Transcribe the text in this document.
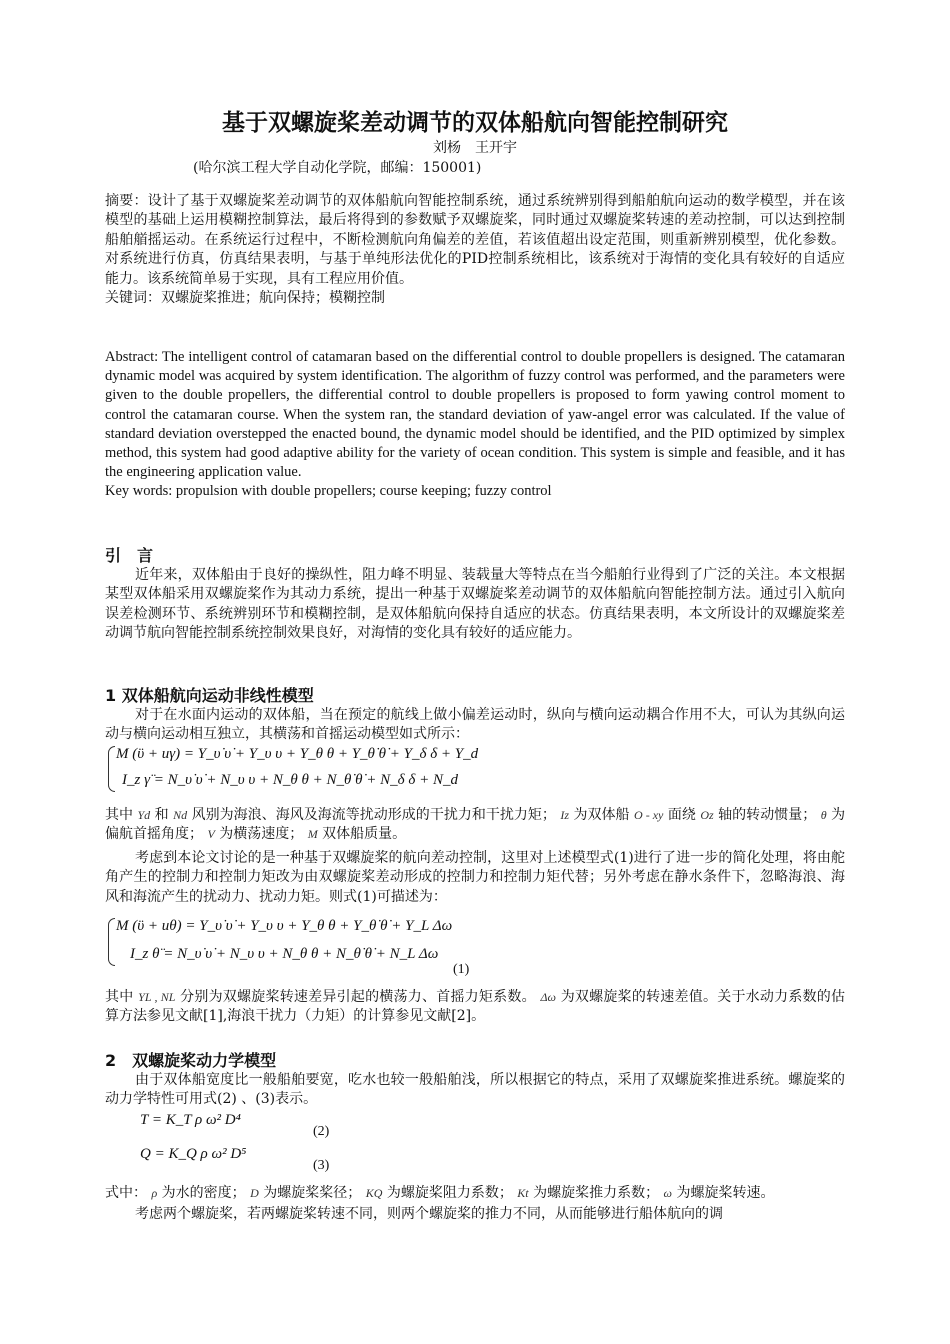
基于双螺旋桨差动调节的双体船航向智能控制研究
刘杨　王开宇
(哈尔滨工程大学自动化学院，邮编：150001)

摘要：设计了基于双螺旋桨差动调节的双体船航向智能控制系统，通过系统辨别得到船舶航向运动的数学模型，并在该模型的基础上运用模糊控制算法，最后将得到的参数赋予双螺旋桨，同时通过双螺旋桨转速的差动控制，可以达到控制船舶艏摇运动。在系统运行过程中，不断检测航向角偏差的差值，若该值超出设定范围，则重新辨别模型，优化参数。对系统进行仿真，仿真结果表明，与基于单纯形法优化的PID控制系统相比，该系统对于海情的变化具有较好的自适应能力。该系统简单易于实现，具有工程应用价值。

关键词：双螺旋桨推进；航向保持；模糊控制

Abstract: The intelligent control of catamaran based on the differential control to double propellers is designed. The catamaran dynamic model was acquired by system identification. The algorithm of fuzzy control was performed, and the parameters were given to the double propellers, the differential control to double propellers is proposed to form yawing control moment to control the catamaran course. When the system ran, the standard deviation of yaw-angel error was calculated. If the value of standard deviation overstepped the enacted bound, the dynamic model should be identified, and the PID optimized by simplex method, this system had good adaptive ability for the variety of ocean condition. This system is simple and feasible, and it has the engineering application value.

Key words: propulsion with double propellers; course keeping; fuzzy control

引　言

近年来，双体船由于良好的操纵性，阻力峰不明显、装载量大等特点在当今船舶行业得到了广泛的关注。本文根据某型双体船采用双螺旋桨作为其动力系统，提出一种基于双螺旋桨差动调节的双体船航向智能控制方法。通过引入航向误差检测环节、系统辨别环节和模糊控制，是双体船航向保持自适应的状态。仿真结果表明，本文所设计的双螺旋桨差动调节航向智能控制系统控制效果良好，对海情的变化具有较好的适应能力。

1 双体船航向运动非线性模型

对于在水面内运动的双体船，当在预定的航线上做小偏差运动时，纵向与横向运动耦合作用不大，可认为其纵向运动与横向运动相互独立，其横荡和首摇运动模型如式所示：

M (ϋ + uγ) = Y_υ̇ υ̇ + Y_υ υ + Y_θ θ + Y_θ̇ θ̇ + Y_δ δ + Y_d
I_z γ̈ = N_υ̇ υ̇ + N_υ υ + N_θ θ + N_θ̇ θ̇ + N_δ δ + N_d

其中 Yd 和 Nd 风别为海浪、海风及海流等扰动形成的干扰力和干扰力矩； Iz 为双体船 O - xy 面绕 Oz 轴的转动惯量； θ 为偏航首摇角度； V 为横荡速度； M 双体船质量。

考虑到本论文讨论的是一种基于双螺旋桨的航向差动控制，这里对上述模型式(1)进行了进一步的简化处理，将由舵角产生的控制力和控制力矩改为由双螺旋桨差动形成的控制力和控制力矩代替；另外考虑在静水条件下，忽略海浪、海风和海流产生的扰动力、扰动力矩。则式(1)可描述为：

M (ϋ + uθ) = Y_υ̇ υ̇ + Y_υ υ + Y_θ θ + Y_θ̇ θ̇ + Y_L Δω
I_z θ̈ = N_υ̇ υ̇ + N_υ υ + N_θ θ + N_θ̇ θ̇ + N_L Δω
(1)

其中 YL , NL 分别为双螺旋桨转速差异引起的横荡力、首摇力矩系数。 Δω 为双螺旋桨的转速差值。关于水动力系数的估算方法参见文献[1],海浪干扰力（力矩）的计算参见文献[2]。

2　双螺旋桨动力学模型

由于双体船宽度比一般船舶要宽，吃水也较一般船舶浅，所以根据它的特点，采用了双螺旋桨推进系统。螺旋桨的动力学特性可用式(2) 、(3)表示。

T = K_T ρ ω² D⁴
(2)
Q = K_Q ρ ω² D⁵
(3)

式中： ρ 为水的密度； D 为螺旋桨桨径； KQ 为螺旋桨阻力系数； Kt 为螺旋桨推力系数； ω 为螺旋桨转速。

考虑两个螺旋桨，若两螺旋桨转速不同，则两个螺旋桨的推力不同，从而能够进行船体航向的调
